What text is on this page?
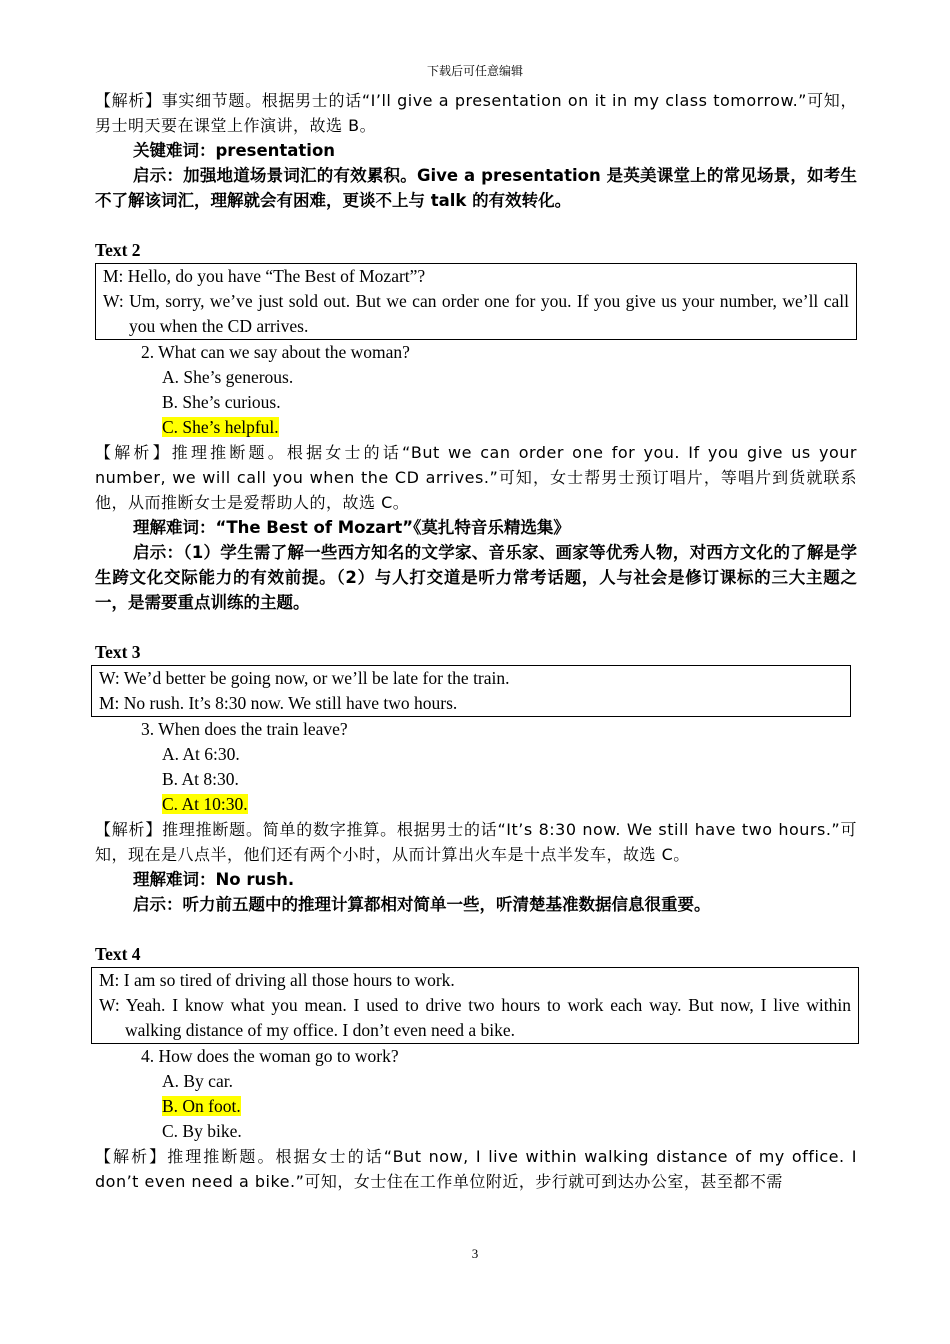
下载后可任意编辑

【解析】事实细节题。根据男士的话“I’ll give a presentation on it in my class tomorrow.”可知，男士明天要在课堂上作演讲，故选 B。

关键难词：presentation

启示：加强地道场景词汇的有效累积。Give a presentation 是英美课堂上的常见场景，如考生不了解该词汇，理解就会有困难，更谈不上与 talk 的有效转化。

Text 2

M: Hello, do you have “The Best of Mozart”?

W: Um, sorry, we’ve just sold out. But we can order one for you. If you give us your number, we’ll call you when the CD arrives.

2. What can we say about the woman?

A. She’s generous.

B. She’s curious.

C. She’s helpful.

【解析】推理推断题。根据女士的话“But we can order one for you. If you give us your number, we will call you when the CD arrives.”可知，女士帮男士预订唱片，等唱片到货就联系他，从而推断女士是爱帮助人的，故选 C。

理解难词：“The Best of Mozart”《莫扎特音乐精选集》

启示：（1）学生需了解一些西方知名的文学家、音乐家、画家等优秀人物，对西方文化的了解是学生跨文化交际能力的有效前提。（2）与人打交道是听力常考话题，人与社会是修订课标的三大主题之一，是需要重点训练的主题。

Text 3

W: We’d better be going now, or we’ll be late for the train.

M: No rush. It’s 8:30 now. We still have two hours.

3. When does the train leave?

A. At 6:30.

B. At 8:30.

C. At 10:30.

【解析】推理推断题。简单的数字推算。根据男士的话“It’s 8:30 now. We still have two hours.”可知，现在是八点半，他们还有两个小时，从而计算出火车是十点半发车，故选 C。

理解难词：No rush.

启示：听力前五题中的推理计算都相对简单一些，听清楚基准数据信息很重要。

Text 4

M: I am so tired of driving all those hours to work.

W: Yeah. I know what you mean. I used to drive two hours to work each way. But now, I live within walking distance of my office. I don’t even need a bike.

4. How does the woman go to work?

A. By car.

B. On foot.

C. By bike.

【解析】推理推断题。根据女士的话“But now, I live within walking distance of my office. I don’t even need a bike.”可知，女士住在工作单位附近，步行就可到达办公室，甚至都不需

3
